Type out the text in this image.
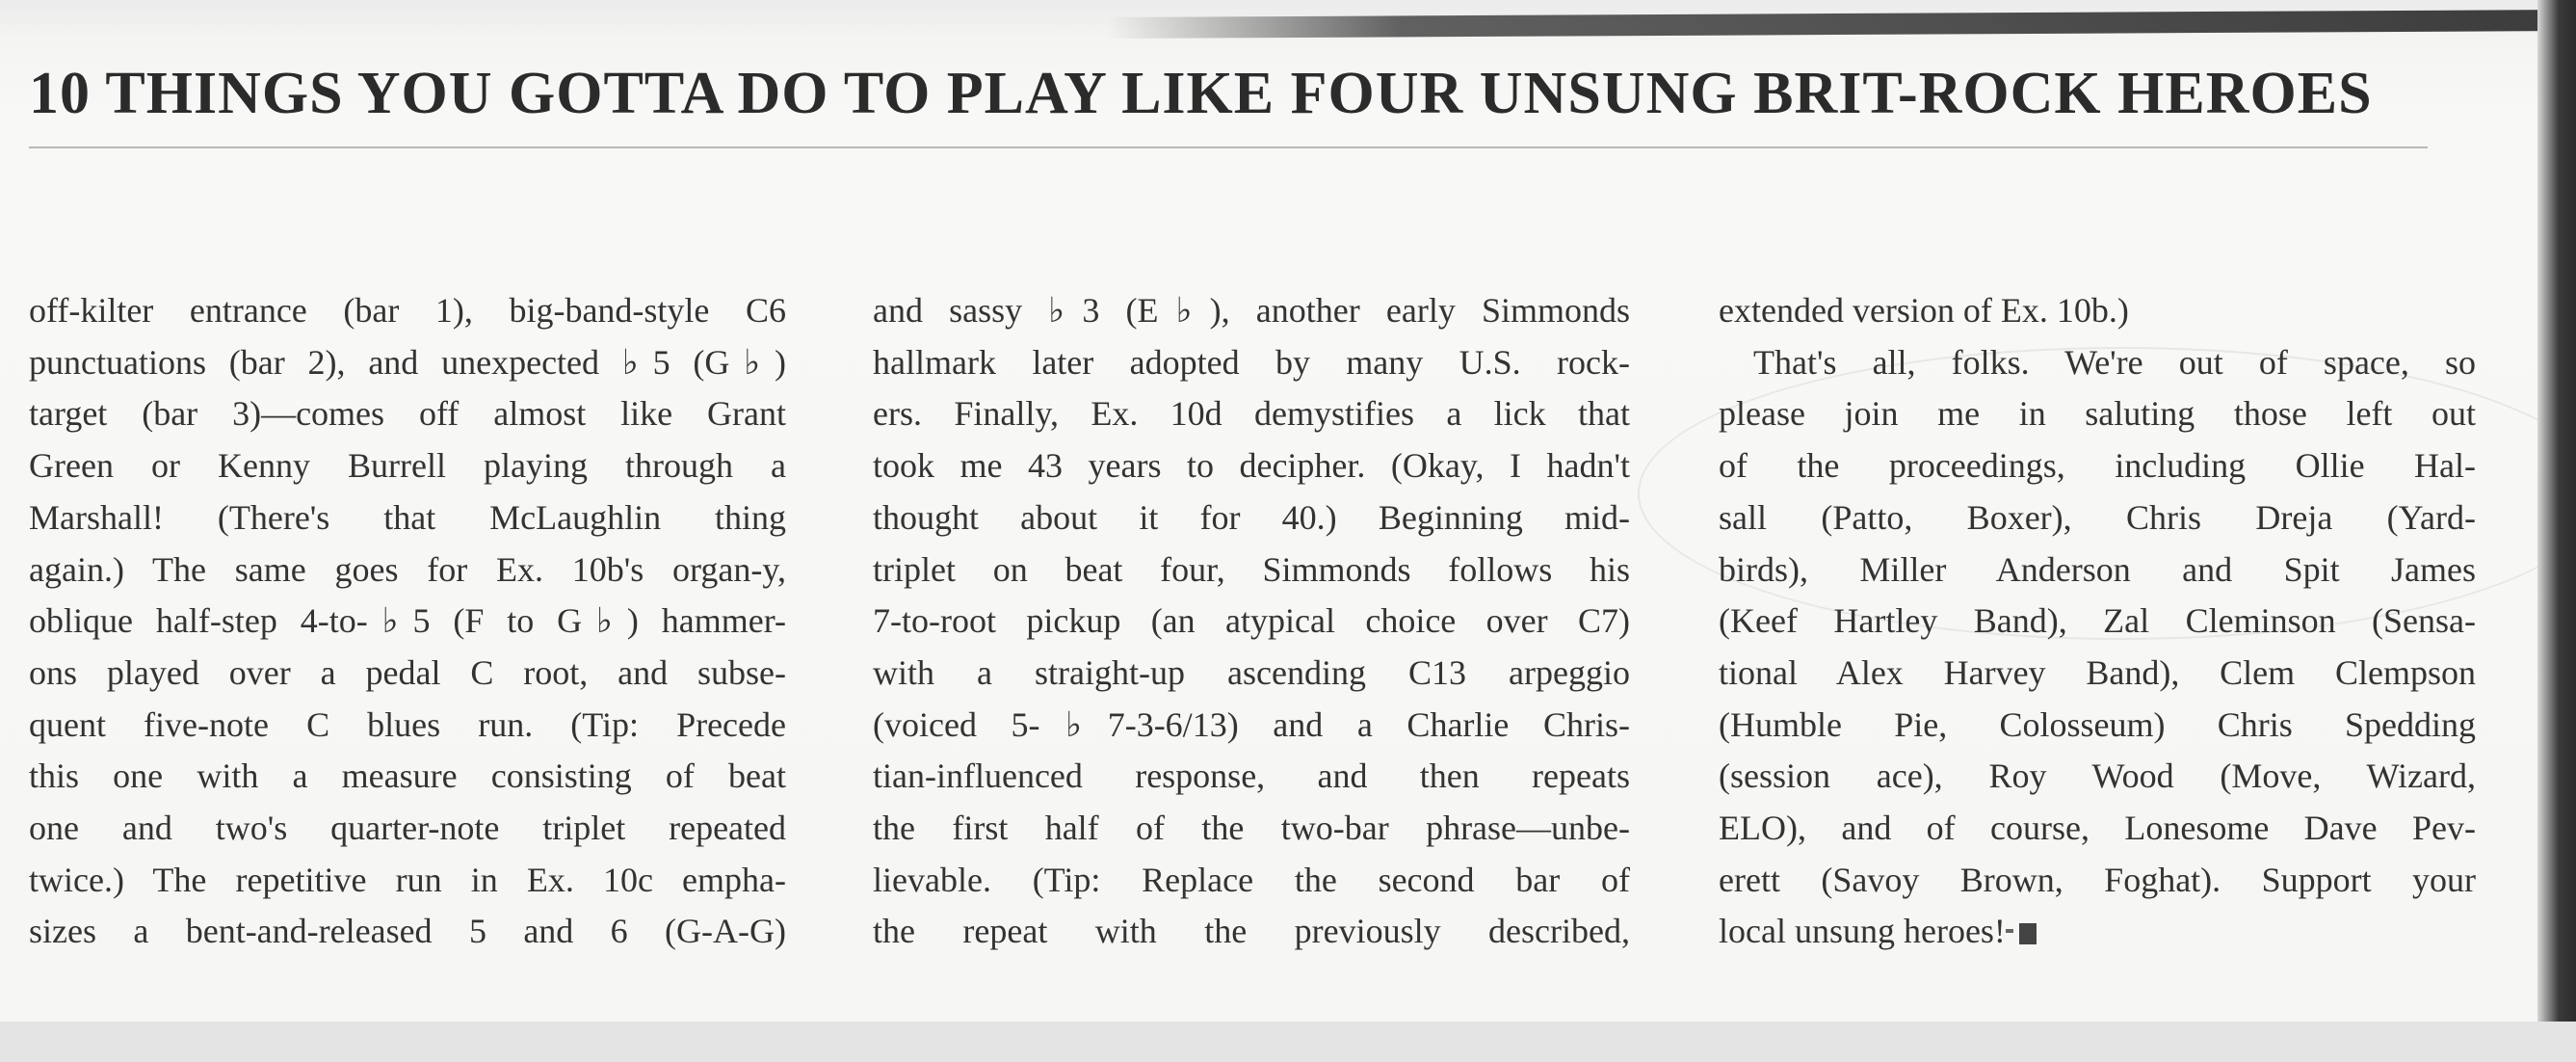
10 THINGS YOU GOTTA DO TO PLAY LIKE FOUR UNSUNG BRIT-ROCK HEROES
off-kilter entrance (bar 1), big-band-style C6
punctuations (bar 2), and unexpected ♭5 (G♭)
target (bar 3)—comes off almost like Grant
Green or Kenny Burrell playing through a
Marshall! (There's that McLaughlin thing
again.) The same goes for Ex. 10b's organ-y,
oblique half-step 4-to-♭5 (F to G♭) hammer-
ons played over a pedal C root, and subse-
quent five-note C blues run. (Tip: Precede
this one with a measure consisting of beat
one and two's quarter-note triplet repeated
twice.) The repetitive run in Ex. 10c empha-
sizes a bent-and-released 5 and 6 (G-A-G)
and sassy ♭3 (E♭), another early Simmonds
hallmark later adopted by many U.S. rock-
ers. Finally, Ex. 10d demystifies a lick that
took me 43 years to decipher. (Okay, I hadn't
thought about it for 40.) Beginning mid-
triplet on beat four, Simmonds follows his
7-to-root pickup (an atypical choice over C7)
with a straight-up ascending C13 arpeggio
(voiced 5-♭7-3-6/13) and a Charlie Chris-
tian-influenced response, and then repeats
the first half of the two-bar phrase—unbe-
lievable. (Tip: Replace the second bar of
the repeat with the previously described,
extended version of Ex. 10b.)
That's all, folks. We're out of space, so
please join me in saluting those left out
of the proceedings, including Ollie Hal-
sall (Patto, Boxer), Chris Dreja (Yard-
birds), Miller Anderson and Spit James
(Keef Hartley Band), Zal Cleminson (Sensa-
tional Alex Harvey Band), Clem Clempson
(Humble Pie, Colosseum) Chris Spedding
(session ace), Roy Wood (Move, Wizard,
ELO), and of course, Lonesome Dave Pev-
erett (Savoy Brown, Foghat). Support your
local unsung heroes!
